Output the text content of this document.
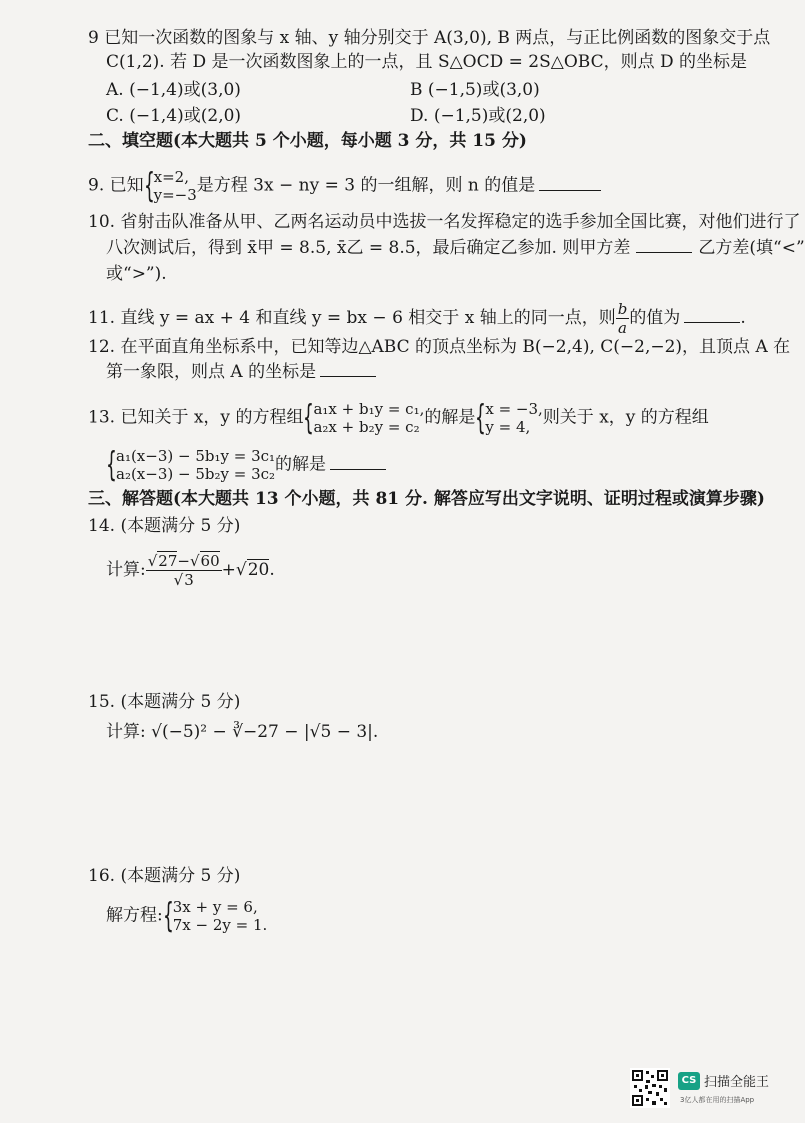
9 已知一次函数的图象与 x 轴、y 轴分别交于 A(3,0), B 两点，与正比例函数的图象交于点
C(1,2). 若 D 是一次函数图象上的一点，且 S△OCD = 2S△OBC，则点 D 的坐标是
A. (−1,4)或(3,0)	B (−1,5)或(3,0)
C. (−1,4)或(2,0)	D. (−1,5)或(2,0)
二、填空题(本大题共 5 个小题，每小题 3 分，共 15 分)
9. 已知 { x=2,
y=−3 是方程 3x − ny = 3 的一组解，则 n 的值是
10. 省射击队准备从甲、乙两名运动员中选拔一名发挥稳定的选手参加全国比赛，对他们进行了
八次测试后，得到 x̄甲 = 8.5, x̄乙 = 8.5，最后确定乙参加. 则甲方差	乙方差(填“<”
或“>”).
11. 直线 y = ax + 4 和直线 y = bx − 6 相交于 x 轴上的同一点，则 $\frac{b}{a}$ 的值为	.
12. 在平面直角坐标系中，已知等边△ABC 的顶点坐标为 B(−2,4), C(−2,−2)，且顶点 A 在
第一象限，则点 A 的坐标是
13. 已知关于 x，y 的方程组 { a₁x + b₁y = c₁,
a₂x + b₂y = c₂ 的解是 { x = −3,
y = 4, 则关于 x，y 的方程组
{ a₁(x−3) − 5b₁y = 3c₁
a₂(x−3) − 5b₂y = 3c₂ 的解是
三、解答题(本大题共 13 个小题，共 81 分. 解答应写出文字说明、证明过程或演算步骤)
14. (本题满分 5 分)
计算: $\frac{√27-√60}{√3} +√20$.
15. (本题满分 5 分)
计算: √(−5)² − ∛−27 − |√5 − 3|.
16. (本题满分 5 分)
解方程: { 3x + y = 6,
7x − 2y = 1.
CS 扫描全能王
3亿人都在用的扫描App
